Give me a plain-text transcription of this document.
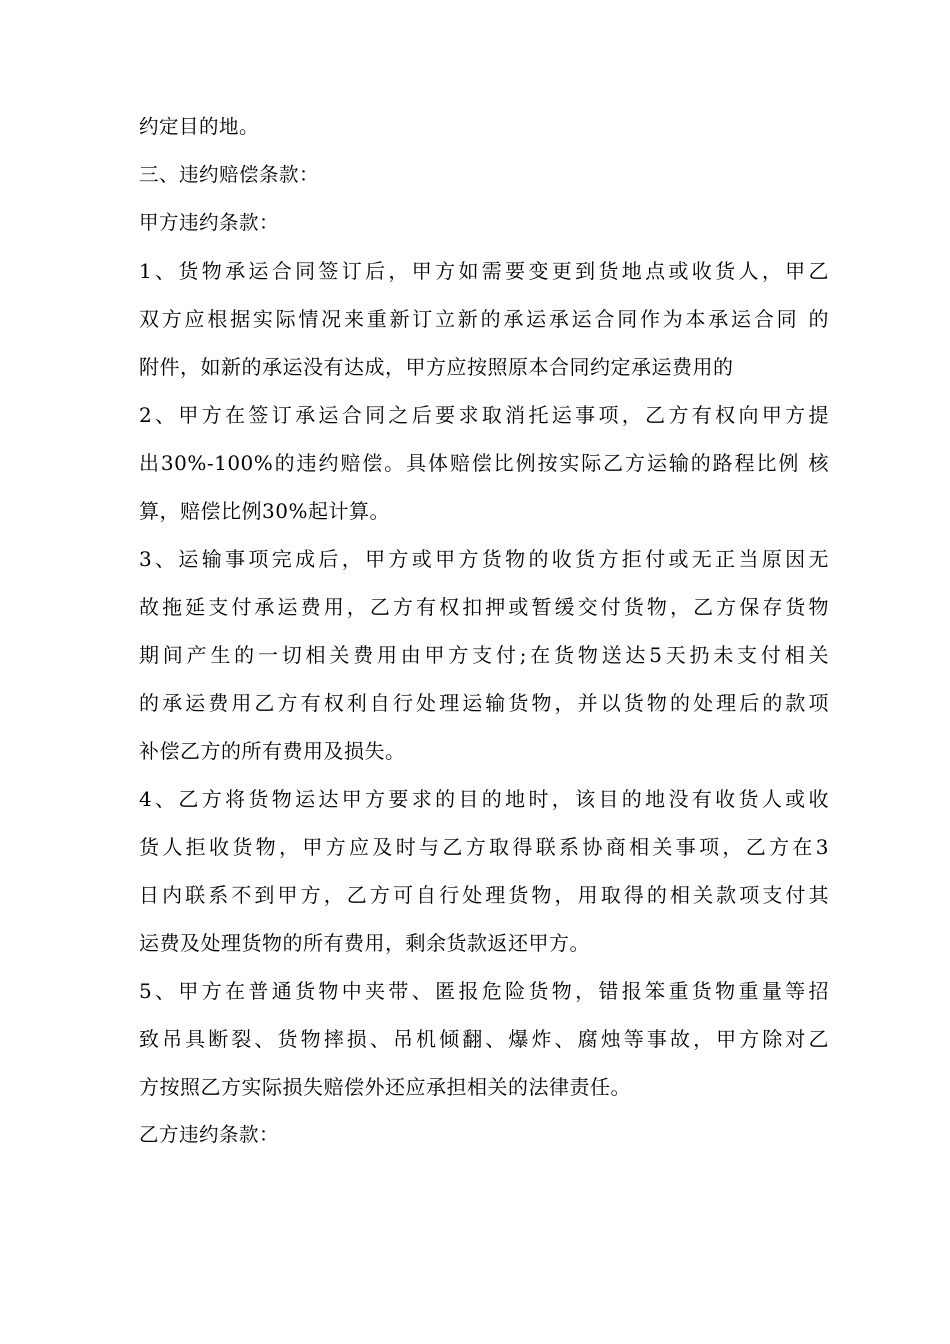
约定目的地。
三、违约赔偿条款：
甲方违约条款：
1、货物承运合同签订后，甲方如需要变更到货地点或收货人，甲乙
双方应根据实际情况来重新订立新的承运承运合同作为本承运合同 的
附件，如新的承运没有达成，甲方应按照原本合同约定承运费用的
2、甲方在签订承运合同之后要求取消托运事项，乙方有权向甲方提
出30%-100%的违约赔偿。具体赔偿比例按实际乙方运输的路程比例 核
算，赔偿比例30%起计算。
3、运输事项完成后，甲方或甲方货物的收货方拒付或无正当原因无
故拖延支付承运费用，乙方有权扣押或暂缓交付货物，乙方保存货物
期间产生的一切相关费用由甲方支付;在货物送达5天扔未支付相关
的承运费用乙方有权利自行处理运输货物，并以货物的处理后的款项
补偿乙方的所有费用及损失。
4、乙方将货物运达甲方要求的目的地时，该目的地没有收货人或收
货人拒收货物，甲方应及时与乙方取得联系协商相关事项，乙方在3
日内联系不到甲方，乙方可自行处理货物，用取得的相关款项支付其
运费及处理货物的所有费用，剩余货款返还甲方。
5、甲方在普通货物中夹带、匿报危险货物，错报笨重货物重量等招
致吊具断裂、货物摔损、吊机倾翻、爆炸、腐烛等事故，甲方除对乙
方按照乙方实际损失赔偿外还应承担相关的法律责任。
乙方违约条款：
